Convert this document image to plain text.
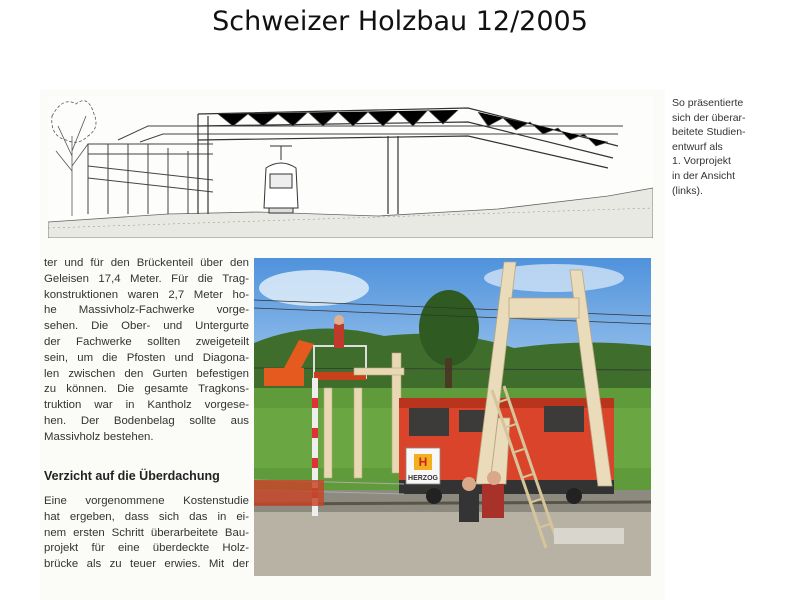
Schweizer Holzbau 12/2005
So präsentierte
sich der überar-
beitete Studien-
entwurf als
1. Vorprojekt
in der Ansicht
(links).
ter und für den Brückenteil über den
Geleisen 17,4 Meter. Für die Trag-
konstruktionen waren 2,7 Meter ho-
he Massivholz-Fachwerke vorge-
sehen. Die Ober- und Untergurte
der Fachwerke sollten zweigeteilt
sein, um die Pfosten und Diagona-
len zwischen den Gurten befestigen
zu können. Die gesamte Tragkons-
truktion war in Kantholz vorgese-
hen. Der Bodenbelag sollte aus
Massivholz bestehen.
Verzicht auf die Überdachung
Eine vorgenommene Kostenstudie
hat ergeben, dass sich das in ei-
nem ersten Schritt überarbeitete Bau-
projekt für eine überdeckte Holz-
brücke als zu teuer erwies. Mit der
H
HERZOG
